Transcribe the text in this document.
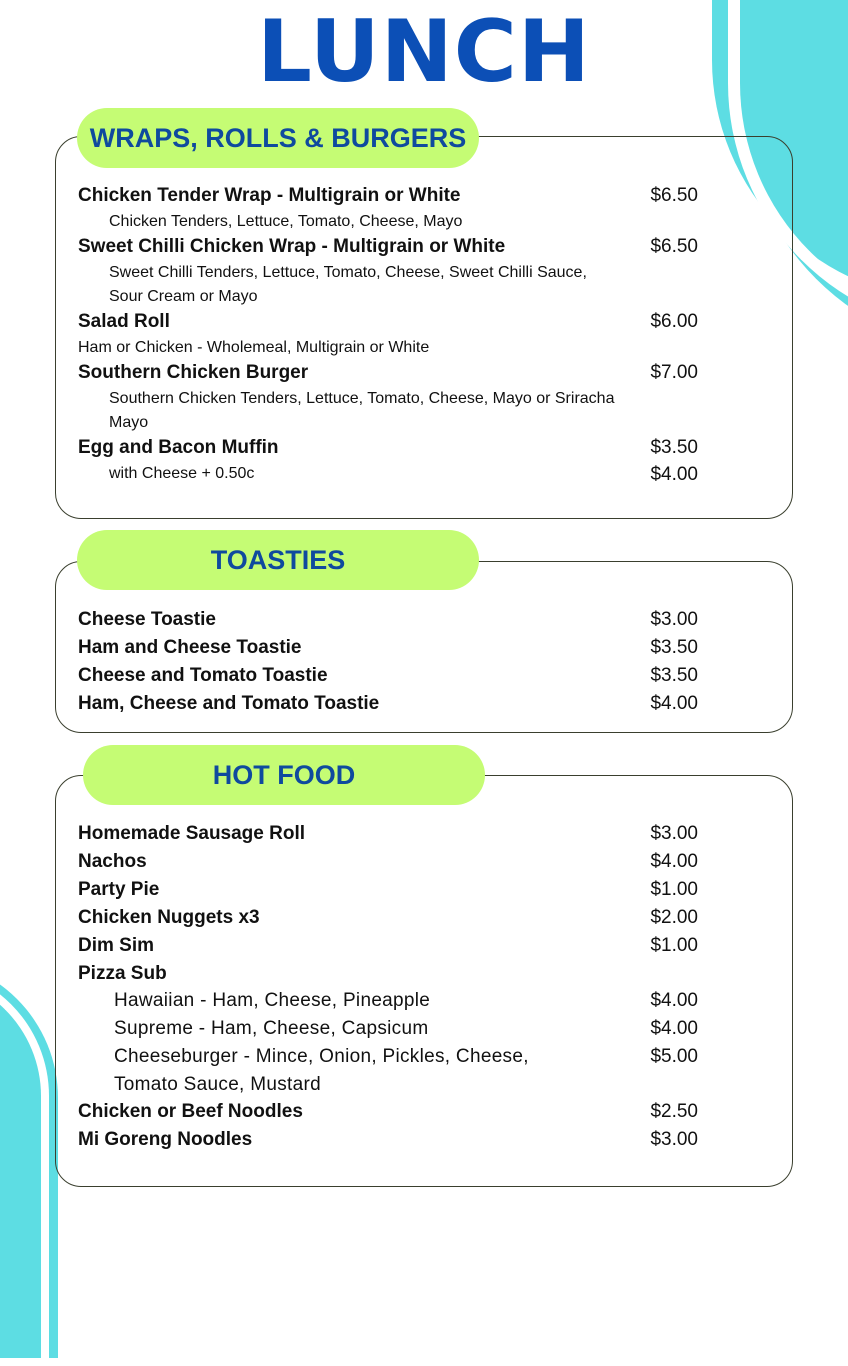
LUNCH
WRAPS, ROLLS & BURGERS
Chicken Tender Wrap - Multigrain or White	$6.50
Chicken Tenders, Lettuce, Tomato, Cheese, Mayo
Sweet Chilli Chicken Wrap - Multigrain or White	$6.50
Sweet Chilli Tenders, Lettuce, Tomato, Cheese, Sweet Chilli Sauce, Sour Cream or Mayo
Salad Roll	$6.00
Ham or Chicken - Wholemeal, Multigrain or White
Southern Chicken Burger	$7.00
Southern Chicken Tenders, Lettuce, Tomato, Cheese, Mayo or Sriracha Mayo
Egg and Bacon Muffin	$3.50
with Cheese + 0.50c	$4.00
TOASTIES
Cheese Toastie	$3.00
Ham and Cheese Toastie	$3.50
Cheese and Tomato Toastie	$3.50
Ham, Cheese and Tomato Toastie	$4.00
HOT FOOD
Homemade Sausage Roll	$3.00
Nachos	$4.00
Party Pie	$1.00
Chicken Nuggets x3	$2.00
Dim Sim	$1.00
Pizza Sub
Hawaiian - Ham, Cheese, Pineapple	$4.00
Supreme - Ham, Cheese, Capsicum	$4.00
Cheeseburger - Mince, Onion, Pickles, Cheese, Tomato Sauce, Mustard
$5.00
Chicken or Beef Noodles	$2.50
Mi Goreng Noodles	$3.00
